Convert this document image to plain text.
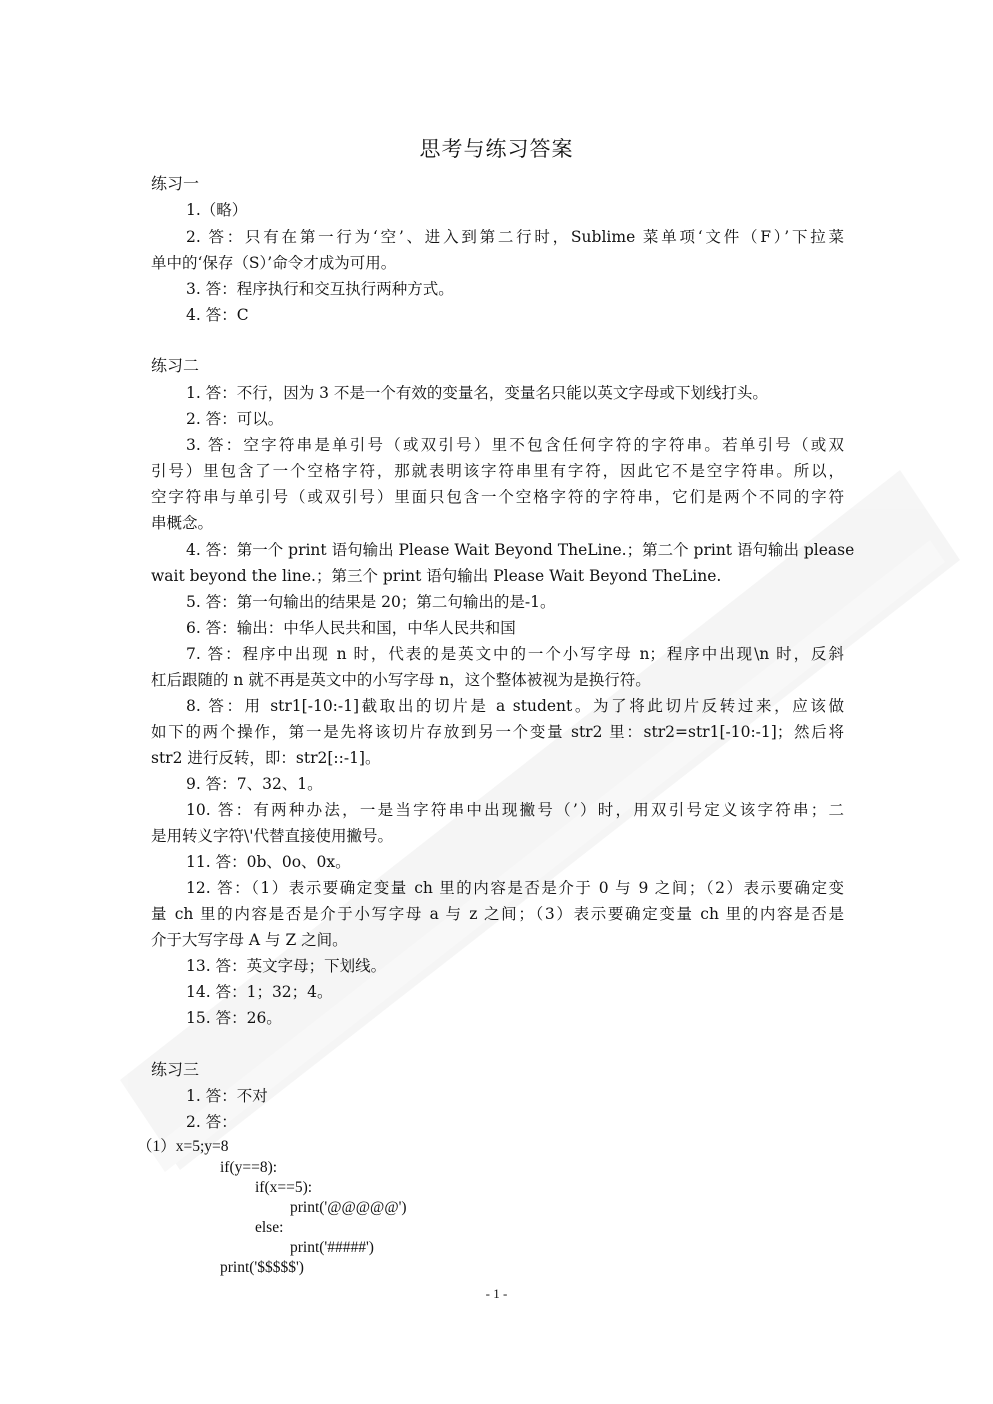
思考与练习答案
练习一
1.（略）
2. 答：只有在第一行为‘空’、进入到第二行时，Sublime 菜单项‘文件（F）’下拉菜
单中的‘保存（S）’命令才成为可用。
3. 答：程序执行和交互执行两种方式。
4. 答：C
练习二
1. 答：不行，因为 3 不是一个有效的变量名，变量名只能以英文字母或下划线打头。
2. 答：可以。
3. 答：空字符串是单引号（或双引号）里不包含任何字符的字符串。若单引号（或双
引号）里包含了一个空格字符，那就表明该字符串里有字符，因此它不是空字符串。所以，
空字符串与单引号（或双引号）里面只包含一个空格字符的字符串，它们是两个不同的字符
串概念。
4. 答：第一个 print 语句输出 Please Wait Beyond TheLine.；第二个 print 语句输出 please
wait beyond the line.；第三个 print 语句输出 Please Wait Beyond TheLine.
5. 答：第一句输出的结果是 20；第二句输出的是-1。
6. 答：输出：中华人民共和国，中华人民共和国
7. 答：程序中出现 n 时，代表的是英文中的一个小写字母 n；程序中出现\n 时，反斜
杠后跟随的 n 就不再是英文中的小写字母 n，这个整体被视为是换行符。
8. 答：用 str1[-10:-1]截取出的切片是 a student。为了将此切片反转过来，应该做
如下的两个操作，第一是先将该切片存放到另一个变量 str2 里：str2=str1[-10:-1]；然后将
str2 进行反转，即：str2[::-1]。
9. 答：7、32、1。
10. 答：有两种办法，一是当字符串中出现撇号（’）时，用双引号定义该字符串；二
是用转义字符\'代替直接使用撇号。
11. 答：0b、0o、0x。
12. 答：（1）表示要确定变量 ch 里的内容是否是介于 0 与 9 之间；（2）表示要确定变
量 ch 里的内容是否是介于小写字母 a 与 z 之间；（3）表示要确定变量 ch 里的内容是否是
介于大写字母 A 与 Z 之间。
13. 答：英文字母；下划线。
14. 答：1；32；4。
15. 答：26。
练习三
1. 答：不对
2. 答：
（1）x=5;y=8
if(y==8):
if(x==5):
print('@@@@@')
else:
print('#####')
print('$$$$$')
- 1 -
